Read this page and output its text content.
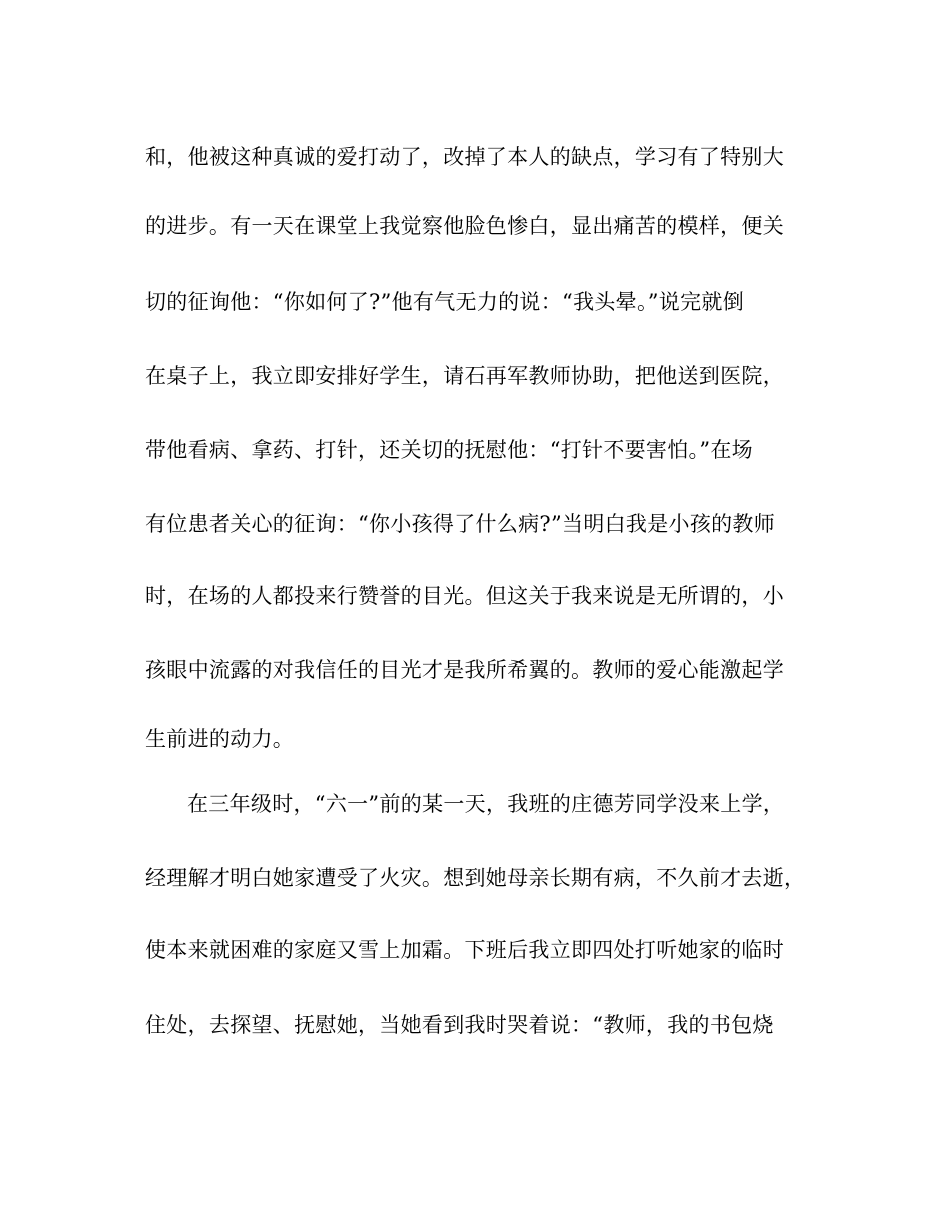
和，他被这种真诚的爱打动了，改掉了本人的缺点，学习有了特别大
的进步。有一天在课堂上我觉察他脸色惨白，显出痛苦的模样，便关
切的征询他：“你如何了?”他有气无力的说：“我头晕。”说完就倒
在桌子上，我立即安排好学生，请石再军教师协助，把他送到医院，
带他看病、拿药、打针，还关切的抚慰他：“打针不要害怕。”在场
有位患者关心的征询：“你小孩得了什么病?”当明白我是小孩的教师
时，在场的人都投来行赞誉的目光。但这关于我来说是无所谓的，小
孩眼中流露的对我信任的目光才是我所希翼的。教师的爱心能激起学
生前进的动力。
在三年级时，“六一”前的某一天，我班的庄德芳同学没来上学，
经理解才明白她家遭受了火灾。想到她母亲长期有病，不久前才去逝，
使本来就困难的家庭又雪上加霜。下班后我立即四处打听她家的临时
住处，去探望、抚慰她，当她看到我时哭着说：“教师，我的书包烧
